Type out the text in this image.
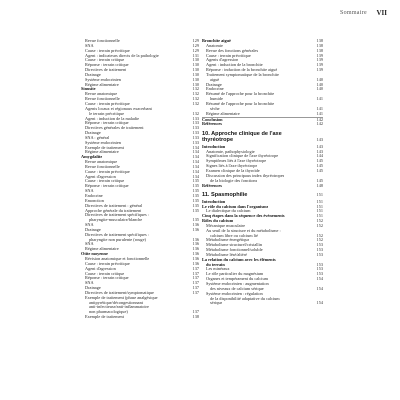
Sommaire VII
Revue fonctionnelle	129
SNA	129
Cause : terrain précritique	129
Agent : indicateurs directs de la pathologie	131
Cause : terrain critique	130
Réponse : terrain critique	130
Directives de traitement	130
Drainage	130
Système endocrinien	130
Régime alimentaire	130
Sinusite	132
Revue anatomique	132
Revue fonctionnelle	132
Cause : terrain précritique	132
Agents locaux et régionaux exacerbant
le terrain précritique	132
Agent : induction de la maladie	133
Réponse : terrain critique	133
Directives générales de traitement	133
Drainage	133
SNA : général	133
Système endocrinien	133
Exemple de traitement	134
Régime alimentaire	134
Amygdalite	134
Revue anatomique	134
Revue fonctionnelle	134
Cause : terrain précritique	134
Agent d'agression	134
Cause : terrain critique	135
Réponse : terrain critique	135
SNA	135
Endocrine	135
Émonction	135
Directives de traitement : général	135
Approche générale du traitement	135
Directives de traitement spécifiques :
pharyngite-musculaire/blanche	135
SNA	136
Drainage	136
Directives de traitement spécifiques :
pharyngite non purulente (rouge)	136
SNA	136
Régime alimentaire	136
Otite moyenne	136
Révision anatomique et fonctionnelle	136
Cause : terrain précritique	136
Agent d'agression	137
Cause : terrain critique	137
Réponse : terrain critique	137
SNA	137
Drainage	137
Directives de traitement/symptomatique	137
Exemple de traitement (phase analgésique
antipyrétique/décongestionnant
anti-infectieuse/anti-inflammatoire
non pharmacologique)	137
Exemple de traitement	138
Bronchite aiguë	138
Anatomie	138
Revue des fonctions générales	138
Cause : terrain précritique	139
Agents d'agression	139
Agent : induction de la bronchite	139
Réponse : induction de la bronchite aiguë	139
Traitement symptomatique de la bronchite
aiguë	140
Drainage	140
Endocrine	140
Résumé de l'approche pour la bronchite
humide	141
Résumé de l'approche pour la bronchite
sèche	141
Régime alimentaire	141
Conclusion	142
Références	142
10. Approche clinique de l'axe
thyréotrope	143
Introduction	143
Anatomie, pathophysiologie	143
Signification clinique de l'axe thyréotrope	144
Symptômes liés à l'axe thyréotrope	145
Signes liés à l'axe thyréotrope	145
Examen clinique de la thyroïde	145
Discussion des principaux index thyréotropes
de la biologie des fonctions	145
Références	148
11. Spasmophilie	151
Introduction	151
Le rôle du calcium dans l'organisme	151
Le dialectique du calcium	151
Cinq étapes dans la séquence des événements	151
Rôles du calcium	152
Mécanique musculaire	152
Au seuil de la structure et du métabolisme :
calcium libre ou calcium lié	152
Métabolisme énergétique	152
Métabolisme structurel/cristallin	153
Métabolisme fonctionnel/soluble	153
Métabolisme lésé/altéré	153
La relation du calcium avec les éléments
du terrain	153
Les minéraux	153
Le rôle particulier du magnésium	153
Organes et tempérament du calcium	154
Système endocrinien : augmentation
des niveaux de calcium sérique	154
Système endocrinien : régulation
de la disponibilité adaptative du calcium
sérique	154
